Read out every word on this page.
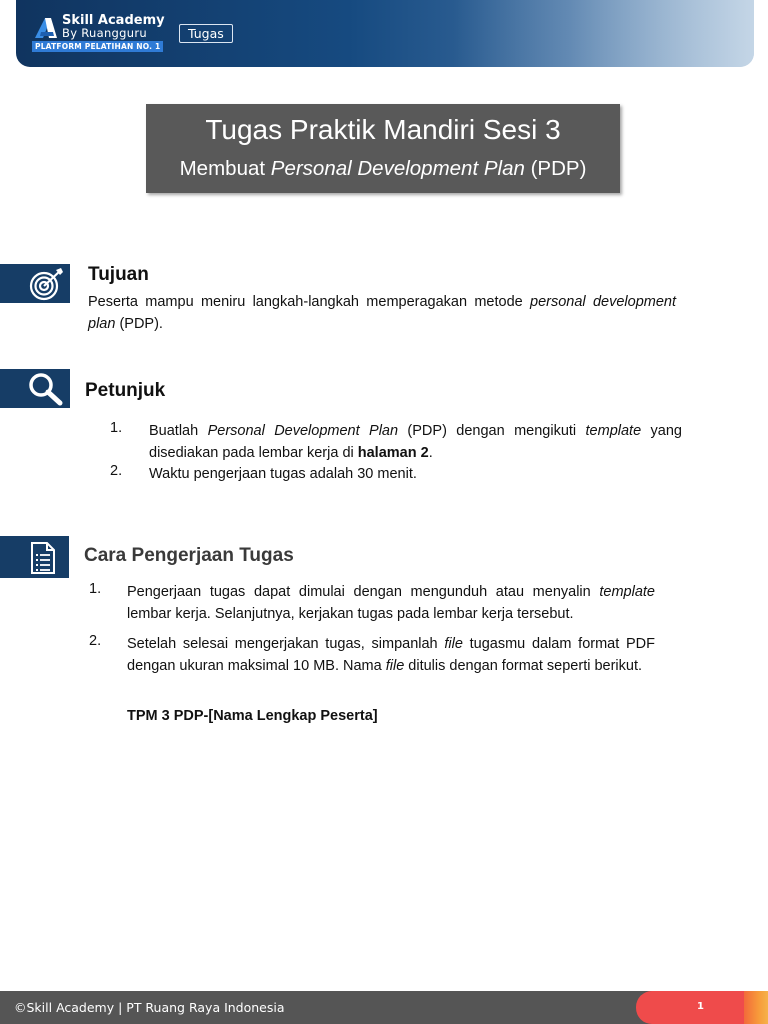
Skill Academy
By Ruangguru
PLATFORM PELATIHAN NO. 1
Tugas
Tugas Praktik Mandiri Sesi 3
Membuat Personal Development Plan (PDP)
Tujuan
Peserta mampu meniru langkah-langkah memperagakan metode personal development plan (PDP).
Petunjuk
1. Buatlah Personal Development Plan (PDP) dengan mengikuti template yang disediakan pada lembar kerja di halaman 2.
2. Waktu pengerjaan tugas adalah 30 menit.
Cara Pengerjaan Tugas
1. Pengerjaan tugas dapat dimulai dengan mengunduh atau menyalin template lembar kerja. Selanjutnya, kerjakan tugas pada lembar kerja tersebut.
2. Setelah selesai mengerjakan tugas, simpanlah file tugasmu dalam format PDF dengan ukuran maksimal 10 MB. Nama file ditulis dengan format seperti berikut.
TPM 3 PDP-[Nama Lengkap Peserta]
©Skill Academy | PT Ruang Raya Indonesia	1
